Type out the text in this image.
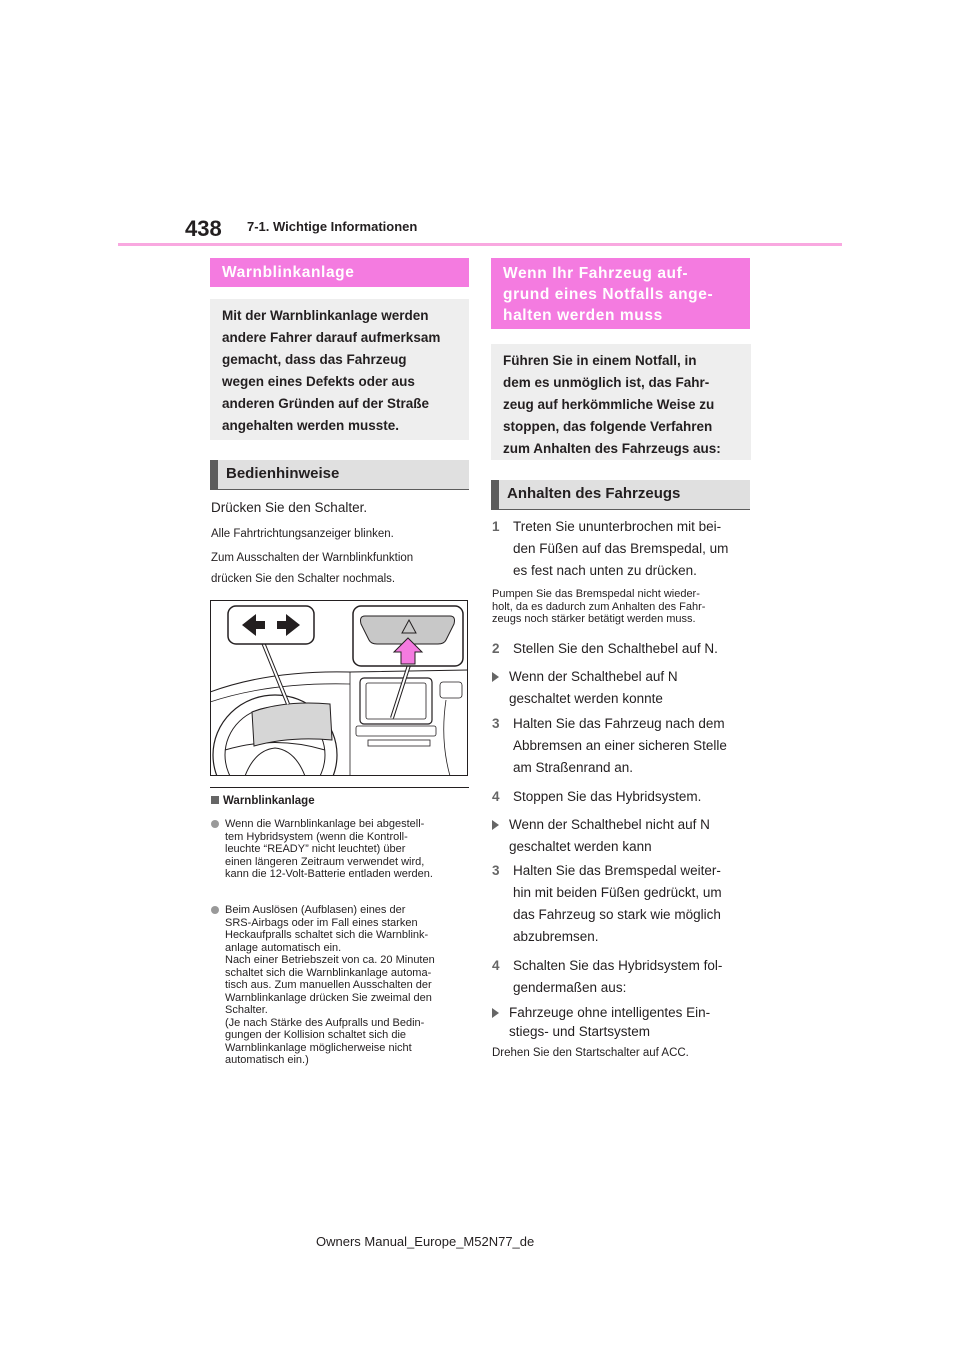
438 7-1. Wichtige Informationen
Warnblinkanlage
Mit der Warnblinkanlage werden
andere Fahrer darauf aufmerksam
gemacht, dass das Fahrzeug
wegen eines Defekts oder aus
anderen Gründen auf der Straße
angehalten werden musste.
Bedienhinweise
Drücken Sie den Schalter.
Alle Fahrtrichtungsanzeiger blinken.
Zum Ausschalten der Warnblinkfunktion
drücken Sie den Schalter nochmals.
Warnblinkanlage
Wenn die Warnblinkanlage bei abgestell-
tem Hybridsystem (wenn die Kontroll-
leuchte “READY” nicht leuchtet) über
einen längeren Zeitraum verwendet wird,
kann die 12-Volt-Batterie entladen werden.
Beim Auslösen (Aufblasen) eines der
SRS-Airbags oder im Fall eines starken
Heckaufpralls schaltet sich die Warnblink-
anlage automatisch ein.
Nach einer Betriebszeit von ca. 20 Minuten
schaltet sich die Warnblinkanlage automa-
tisch aus. Zum manuellen Ausschalten der
Warnblinkanlage drücken Sie zweimal den
Schalter.
(Je nach Stärke des Aufpralls und Bedin-
gungen der Kollision schaltet sich die
Warnblinkanlage möglicherweise nicht
automatisch ein.)
Wenn Ihr Fahrzeug auf-
grund eines Notfalls ange-
halten werden muss
Führen Sie in einem Notfall, in
dem es unmöglich ist, das Fahr-
zeug auf herkömmliche Weise zu
stoppen, das folgende Verfahren
zum Anhalten des Fahrzeugs aus:
Anhalten des Fahrzeugs
1 Treten Sie ununterbrochen mit bei-
den Füßen auf das Bremspedal, um
es fest nach unten zu drücken.
Pumpen Sie das Bremspedal nicht wieder-
holt, da es dadurch zum Anhalten des Fahr-
zeugs noch stärker betätigt werden muss.
2 Stellen Sie den Schalthebel auf N.
Wenn der Schalthebel auf N
geschaltet werden konnte
3 Halten Sie das Fahrzeug nach dem
Abbremsen an einer sicheren Stelle
am Straßenrand an.
4 Stoppen Sie das Hybridsystem.
Wenn der Schalthebel nicht auf N
geschaltet werden kann
3 Halten Sie das Bremspedal weiter-
hin mit beiden Füßen gedrückt, um
das Fahrzeug so stark wie möglich
abzubremsen.
4 Schalten Sie das Hybridsystem fol-
gendermaßen aus:
Fahrzeuge ohne intelligentes Ein-
stiegs- und Startsystem
Drehen Sie den Startschalter auf ACC.
Owners Manual_Europe_M52N77_de
